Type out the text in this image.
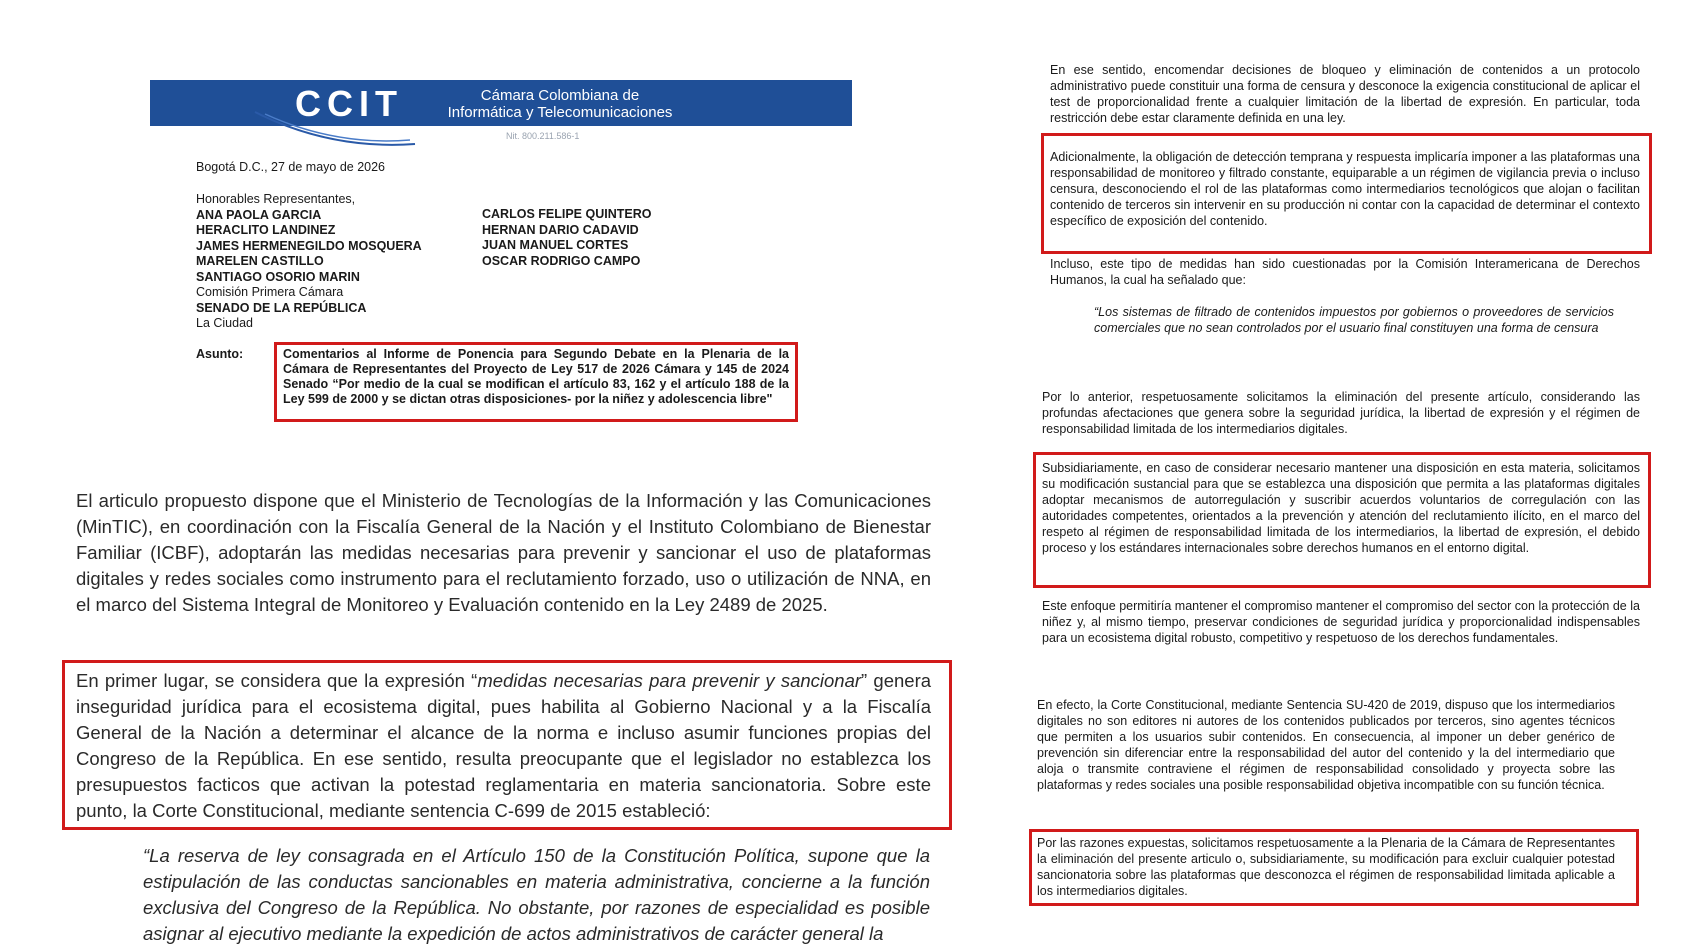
CCIT	Cámara Colombiana de
Informática y Telecomunicaciones
Nit. 800.211.586-1
Bogotá D.C., 27 de mayo de 2026
Honorables Representantes,
ANA PAOLA GARCIA
HERACLITO LANDINEZ
JAMES HERMENEGILDO MOSQUERA
MARELEN CASTILLO
SANTIAGO OSORIO MARIN
Comisión Primera Cámara
SENADO DE LA REPÚBLICA
La Ciudad
CARLOS FELIPE QUINTERO
HERNAN DARIO CADAVID
JUAN MANUEL CORTES
OSCAR RODRIGO CAMPO
Asunto:	Comentarios al Informe de Ponencia para Segundo Debate en la Plenaria de la Cámara de Representantes del Proyecto de Ley 517 de 2026 Cámara y 145 de 2024 Senado “Por medio de la cual se modifican el artículo 83, 162 y el artículo 188 de la Ley 599 de 2000 y se dictan otras disposiciones- por la niñez y adolescencia libre"
El articulo propuesto dispone que el Ministerio de Tecnologías de la Información y las Comunicaciones (MinTIC), en coordinación con la Fiscalía General de la Nación y el Instituto Colombiano de Bienestar Familiar (ICBF), adoptarán las medidas necesarias para prevenir y sancionar el uso de plataformas digitales y redes sociales como instrumento para el reclutamiento forzado, uso o utilización de NNA, en el marco del Sistema Integral de Monitoreo y Evaluación contenido en la Ley 2489 de 2025.
En primer lugar, se considera que la expresión “medidas necesarias para prevenir y sancionar” genera inseguridad jurídica para el ecosistema digital, pues habilita al Gobierno Nacional y a la Fiscalía General de la Nación a determinar el alcance de la norma e incluso asumir funciones propias del Congreso de la República. En ese sentido, resulta preocupante que el legislador no establezca los presupuestos facticos que activan la potestad reglamentaria en materia sancionatoria. Sobre este punto, la Corte Constitucional, mediante sentencia C-699 de 2015 estableció:
“La reserva de ley consagrada en el Artículo 150 de la Constitución Política, supone que la estipulación de las conductas sancionables en materia administrativa, concierne a la función exclusiva del Congreso de la República. No obstante, por razones de especialidad es posible asignar al ejecutivo mediante la expedición de actos administrativos de carácter general la
En ese sentido, encomendar decisiones de bloqueo y eliminación de contenidos a un protocolo administrativo puede constituir una forma de censura y desconoce la exigencia constitucional de aplicar el test de proporcionalidad frente a cualquier limitación de la libertad de expresión. En particular, toda restricción debe estar claramente definida en una ley.
Adicionalmente, la obligación de detección temprana y respuesta implicaría imponer a las plataformas una responsabilidad de monitoreo y filtrado constante, equiparable a un régimen de vigilancia previa o incluso censura, desconociendo el rol de las plataformas como intermediarios tecnológicos que alojan o facilitan contenido de terceros sin intervenir en su producción ni contar con la capacidad de determinar el contexto específico de exposición del contenido.
Incluso, este tipo de medidas han sido cuestionadas por la Comisión Interamericana de Derechos Humanos, la cual ha señalado que:
“Los sistemas de filtrado de contenidos impuestos por gobiernos o proveedores de servicios comerciales que no sean controlados por el usuario final constituyen una forma de censura
Por lo anterior, respetuosamente solicitamos la eliminación del presente artículo, considerando las profundas afectaciones que genera sobre la seguridad jurídica, la libertad de expresión y el régimen de responsabilidad limitada de los intermediarios digitales.
Subsidiariamente, en caso de considerar necesario mantener una disposición en esta materia, solicitamos su modificación sustancial para que se establezca una disposición que permita a las plataformas digitales adoptar mecanismos de autorregulación y suscribir acuerdos voluntarios de corregulación con las autoridades competentes, orientados a la prevención y atención del reclutamiento ilícito, en el marco del respeto al régimen de responsabilidad limitada de los intermediarios, la libertad de expresión, el debido proceso y los estándares internacionales sobre derechos humanos en el entorno digital.
Este enfoque permitiría mantener el compromiso mantener el compromiso del sector con la protección de la niñez y, al mismo tiempo, preservar condiciones de seguridad jurídica y proporcionalidad indispensables para un ecosistema digital robusto, competitivo y respetuoso de los derechos fundamentales.
En efecto, la Corte Constitucional, mediante Sentencia SU-420 de 2019, dispuso que los intermediarios digitales no son editores ni autores de los contenidos publicados por terceros, sino agentes técnicos que permiten a los usuarios subir contenidos. En consecuencia, al imponer un deber genérico de prevención sin diferenciar entre la responsabilidad del autor del contenido y la del intermediario que aloja o transmite contraviene el régimen de responsabilidad consolidado y proyecta sobre las plataformas y redes sociales una posible responsabilidad objetiva incompatible con su función técnica.
Por las razones expuestas, solicitamos respetuosamente a la Plenaria de la Cámara de Representantes la eliminación del presente articulo o, subsidiariamente, su modificación para excluir cualquier potestad sancionatoria sobre las plataformas que desconozca el régimen de responsabilidad limitada aplicable a los intermediarios digitales.
